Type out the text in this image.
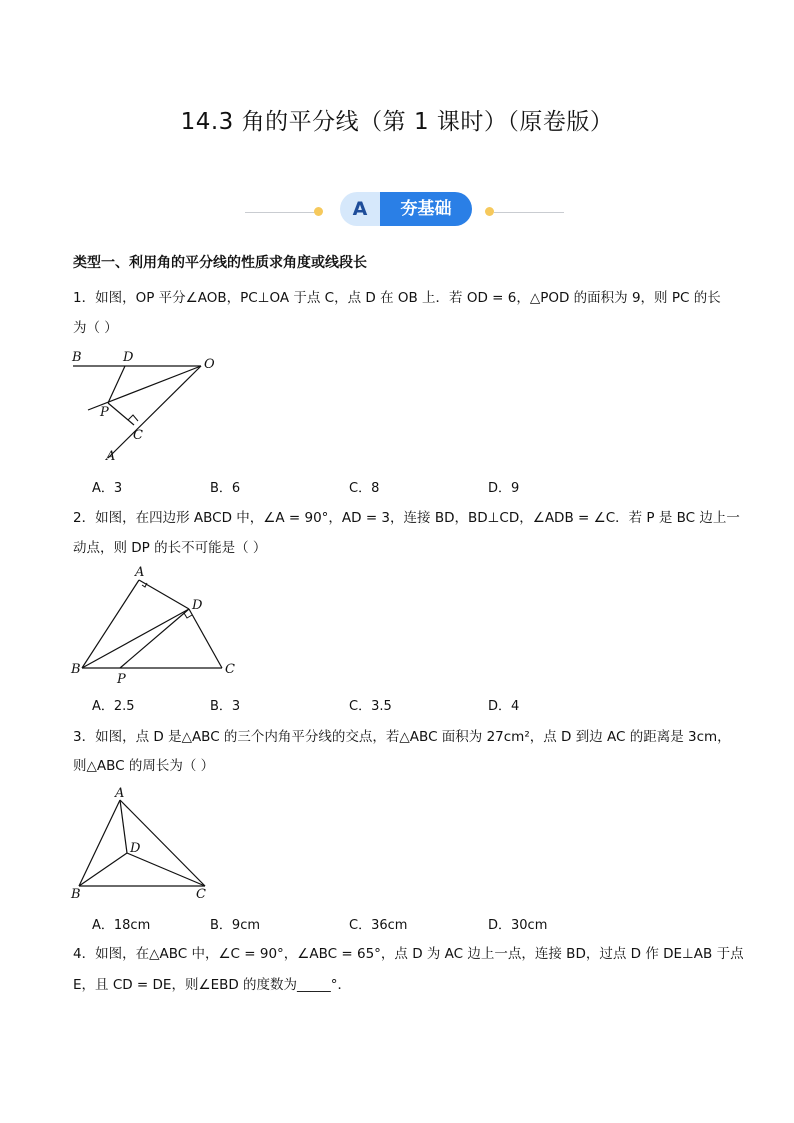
14.3 角的平分线（第 1 课时）（原卷版）
A	夯基础
类型一、利用角的平分线的性质求角度或线段长
1．如图，OP 平分∠AOB，PC⊥OA 于点 C，点 D 在 OB 上．若 OD = 6，△POD 的面积为 9，则 PC 的长
为（ ）
B	D	O
P
C
A
A．3	B．6	C．8	D．9
2．如图，在四边形 ABCD 中，∠A = 90°，AD = 3，连接 BD，BD⊥CD，∠ADB = ∠C．若 P 是 BC 边上一
动点，则 DP 的长不可能是（ ）
A
D
B
P
C
A．2.5	B．3	C．3.5	D．4
3．如图，点 D 是△ABC 的三个内角平分线的交点，若△ABC 面积为 27cm²，点 D 到边 AC 的距离是 3cm，
则△ABC 的周长为（ ）
A
D
B	C
A．18cm	B．9cm	C．36cm	D．30cm
4．如图，在△ABC 中，∠C = 90°，∠ABC = 65°，点 D 为 AC 边上一点，连接 BD，过点 D 作 DE⊥AB 于点
E，且 CD = DE，则∠EBD 的度数为_____°．
